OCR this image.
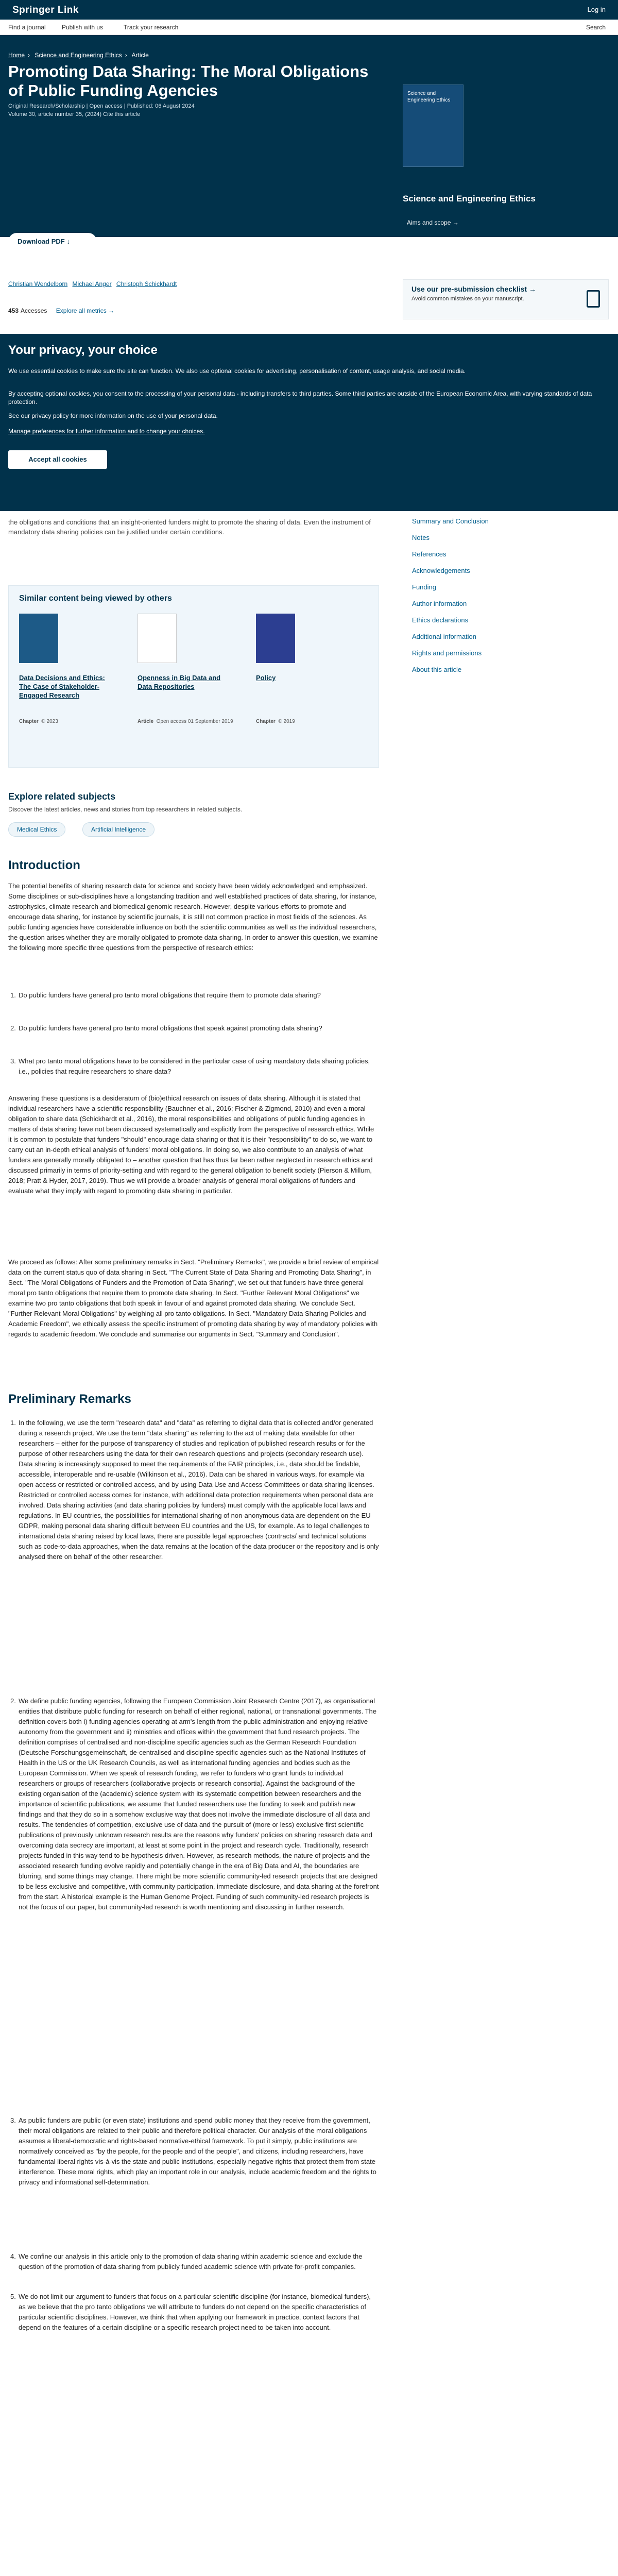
Springer Link	Log in
Find a journal	Publish with us	Track your research	Search
Home › Science and Engineering Ethics › Article
Promoting Data Sharing: The Moral Obligations of Public Funding Agencies
Original Research/Scholarship | Open access | Published: 06 August 2024
Volume 30, article number 35, (2024) Cite this article
Science and Engineering Ethics
Science and Engineering Ethics
Aims and scope →
Submit manuscript →
Download PDF ↓	You have full access to this open access article
Christian Wendelborn Michael Anger Christoph Schickhardt
453 Accesses Explore all metrics →
Use our pre-submission checklist →
Avoid common mistakes on your manuscript.
Your privacy, your choice
We use essential cookies to make sure the site can function. We also use optional cookies for advertising, personalisation of content, usage analysis, and social media.
By accepting optional cookies, you consent to the processing of your personal data - including transfers to third parties. Some third parties are outside of the European Economic Area, with varying standards of data protection.
See our privacy policy for more information on the use of your personal data.
Manage preferences for further information and to change your choices.
Accept all cookies
the obligations and conditions that an insight-oriented funders might to promote the sharing of data. Even the instrument of mandatory data sharing policies can be justified under certain conditions.
Summary and Conclusion
Notes
References
Acknowledgements
Funding
Author information
Ethics declarations
Additional information
Rights and permissions
About this article
Similar content being viewed by others
Data Decisions and Ethics: The Case of Stakeholder-Engaged Research
Chapter © 2023
Openness in Big Data and Data Repositories
Article Open access 01 September 2019
Policy
Chapter © 2019
Explore related subjects
Discover the latest articles, news and stories from top researchers in related subjects.
Medical Ethics	Artificial Intelligence
Introduction
The potential benefits of sharing research data for science and society have been widely acknowledged and emphasized. Some disciplines or sub-disciplines have a longstanding tradition and well established practices of data sharing, for instance, astrophysics, climate research and biomedical genomic research. However, despite various efforts to promote and encourage data sharing, for instance by scientific journals, it is still not common practice in most fields of the sciences. As public funding agencies have considerable influence on both the scientific communities as well as the individual researchers, the question arises whether they are morally obligated to promote data sharing. In order to answer this question, we examine the following more specific three questions from the perspective of research ethics:
1. Do public funders have general pro tanto moral obligations that require them to promote data sharing?
2. Do public funders have general pro tanto moral obligations that speak against promoting data sharing?
3. What pro tanto moral obligations have to be considered in the particular case of using mandatory data sharing policies, i.e., policies that require researchers to share data?
Answering these questions is a desideratum of (bio)ethical research on issues of data sharing. Although it is stated that individual researchers have a scientific responsibility (Bauchner et al., 2016; Fischer & Zigmond, 2010) and even a moral obligation to share data (Schickhardt et al., 2016), the moral responsibilities and obligations of public funding agencies in matters of data sharing have not been discussed systematically and explicitly from the perspective of research ethics. While it is common to postulate that funders "should" encourage data sharing or that it is their "responsibility" to do so, we want to carry out an in-depth ethical analysis of funders' moral obligations. In doing so, we also contribute to an analysis of what funders are generally morally obligated to – another question that has thus far been rather neglected in research ethics and discussed primarily in terms of priority-setting and with regard to the general obligation to benefit society (Pierson & Millum, 2018; Pratt & Hyder, 2017, 2019). Thus we will provide a broader analysis of general moral obligations of funders and evaluate what they imply with regard to promoting data sharing in particular.
We proceed as follows: After some preliminary remarks in Sect. "Preliminary Remarks", we provide a brief review of empirical data on the current status quo of data sharing in Sect. "The Current State of Data Sharing and Promoting Data Sharing", in Sect. "The Moral Obligations of Funders and the Promotion of Data Sharing", we set out that funders have three general moral pro tanto obligations that require them to promote data sharing. In Sect. "Further Relevant Moral Obligations" we examine two pro tanto obligations that both speak in favour of and against promoted data sharing. We conclude Sect. "Further Relevant Moral Obligations" by weighing all pro tanto obligations. In Sect. "Mandatory Data Sharing Policies and Academic Freedom", we ethically assess the specific instrument of promoting data sharing by way of mandatory policies with regards to academic freedom. We conclude and summarise our arguments in Sect. "Summary and Conclusion".
Preliminary Remarks
1. In the following, we use the term "research data" and "data" as referring to digital data that is collected and/or generated during a research project. We use the term "data sharing" as referring to the act of making data available for other researchers – either for the purpose of transparency of studies and replication of published research results or for the purpose of other researchers using the data for their own research questions and projects (secondary research use). Data sharing is increasingly supposed to meet the requirements of the FAIR principles, i.e., data should be findable, accessible, interoperable and re-usable (Wilkinson et al., 2016). Data can be shared in various ways, for example via open access or restricted or controlled access, and by using Data Use and Access Committees or data sharing licenses. Restricted or controlled access comes for instance, with additional data protection requirements when personal data are involved. Data sharing activities (and data sharing policies by funders) must comply with the applicable local laws and regulations. In EU countries, the possibilities for international sharing of non-anonymous data are dependent on the EU GDPR, making personal data sharing difficult between EU countries and the US, for example. As to legal challenges to international data sharing raised by local laws, there are possible legal approaches (contracts/ and technical solutions such as code-to-data approaches, when the data remains at the location of the data producer or the repository and is only analysed there on behalf of the other researcher.
2. We define public funding agencies, following the European Commission Joint Research Centre (2017), as organisational entities that distribute public funding for research on behalf of either regional, national, or transnational governments. The definition covers both i) funding agencies operating at arm's length from the public administration and enjoying relative autonomy from the government and ii) ministries and offices within the government that fund research projects. The definition comprises of centralised and non-discipline specific agencies such as the German Research Foundation (Deutsche Forschungsgemeinschaft, de-centralised and discipline specific agencies such as the National Institutes of Health in the US or the UK Research Councils, as well as international funding agencies and bodies such as the European Commission. When we speak of research funding, we refer to funders who grant funds to individual researchers or groups of researchers (collaborative projects or research consortia). Against the background of the existing organisation of the (academic) science system with its systematic competition between researchers and the importance of scientific publications, we assume that funded researchers use the funding to seek and publish new findings and that they do so in a somehow exclusive way that does not involve the immediate disclosure of all data and results. The tendencies of competition, exclusive use of data and the pursuit of (more or less) exclusive first scientific publications of previously unknown research results are the reasons why funders' policies on sharing research data and overcoming data secrecy are important, at least at some point in the project and research cycle. Traditionally, research projects funded in this way tend to be hypothesis driven. However, as research methods, the nature of projects and the associated research funding evolve rapidly and potentially change in the era of Big Data and AI, the boundaries are blurring, and some things may change. There might be more scientific community-led research projects that are designed to be less exclusive and competitive, with community participation, immediate disclosure, and data sharing at the forefront from the start. A historical example is the Human Genome Project. Funding of such community-led research projects is not the focus of our paper, but community-led research is worth mentioning and discussing in further research.
3. As public funders are public (or even state) institutions and spend public money that they receive from the government, their moral obligations are related to their public and therefore political character. Our analysis of the moral obligations assumes a liberal-democratic and rights-based normative-ethical framework. To put it simply, public institutions are normatively conceived as "by the people, for the people and of the people", and citizens, including researchers, have fundamental liberal rights vis-à-vis the state and public institutions, especially negative rights that protect them from state interference. These moral rights, which play an important role in our analysis, include academic freedom and the rights to privacy and informational self-determination.
4. We confine our analysis in this article only to the promotion of data sharing within academic science and exclude the question of the promotion of data sharing from publicly funded academic science with private for-profit companies.
5. We do not limit our argument to funders that focus on a particular scientific discipline (for instance, biomedical funders), as we believe that the pro tanto obligations we will attribute to funders do not depend on the specific characteristics of particular scientific disciplines. However, we think that when applying our framework in practice, context factors that depend on the features of a certain discipline or a specific research project need to be taken into account.
